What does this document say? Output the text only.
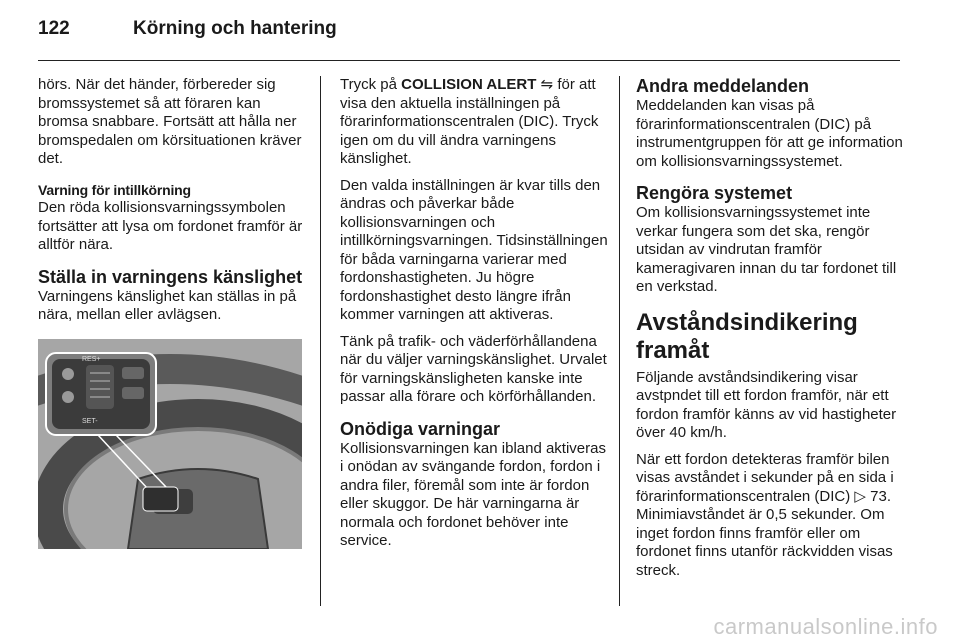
122	Körning och hantering

hörs. När det händer, förbereder sig bromssystemet så att föraren kan bromsa snabbare. Fortsätt att hålla ner bromspedalen om körsituationen kräver det.

Varning för intillkörning

Den röda kollisionsvarningssymbolen fortsätter att lysa om fordonet framför är alltför nära.

Ställa in varningens känslighet

Varningens känslighet kan ställas in på nära, mellan eller avlägsen.

SET-
RES+

Tryck på COLLISION ALERT ⇋ för att visa den aktuella inställningen på förarinformationscentralen (DIC). Tryck igen om du vill ändra varningens känslighet.

Den valda inställningen är kvar tills den ändras och påverkar både kollisionsvarningen och intillkörningsvarningen. Tidsinställningen för båda varningarna varierar med fordonshastigheten. Ju högre fordonshastighet desto längre ifrån kommer varningen att aktiveras.

Tänk på trafik- och väderförhållandena när du väljer varningskänslighet. Urvalet för varningskänsligheten kanske inte passar alla förare och körförhållanden.

Onödiga varningar

Kollisionsvarningen kan ibland aktiveras i onödan av svängande fordon, fordon i andra filer, föremål som inte är fordon eller skuggor. De här varningarna är normala och fordonet behöver inte service.

Andra meddelanden

Meddelanden kan visas på förarinformationscentralen (DIC) på instrumentgruppen för att ge information om kollisionsvarningssystemet.

Rengöra systemet

Om kollisionsvarningssystemet inte verkar fungera som det ska, rengör utsidan av vindrutan framför kameragivaren innan du tar fordonet till en verkstad.

Avståndsindikering framåt

Följande avståndsindikering visar avstpndet till ett fordon framför, när ett fordon framför känns av vid hastigheter över 40 km/h.

När ett fordon detekteras framför bilen visas avståndet i sekunder på en sida i förarinformationscentralen (DIC) ▷ 73. Minimiavståndet är 0,5 sekunder. Om inget fordon finns framför eller om fordonet finns utanför räckvidden visas streck.

carmanualsonline.info
